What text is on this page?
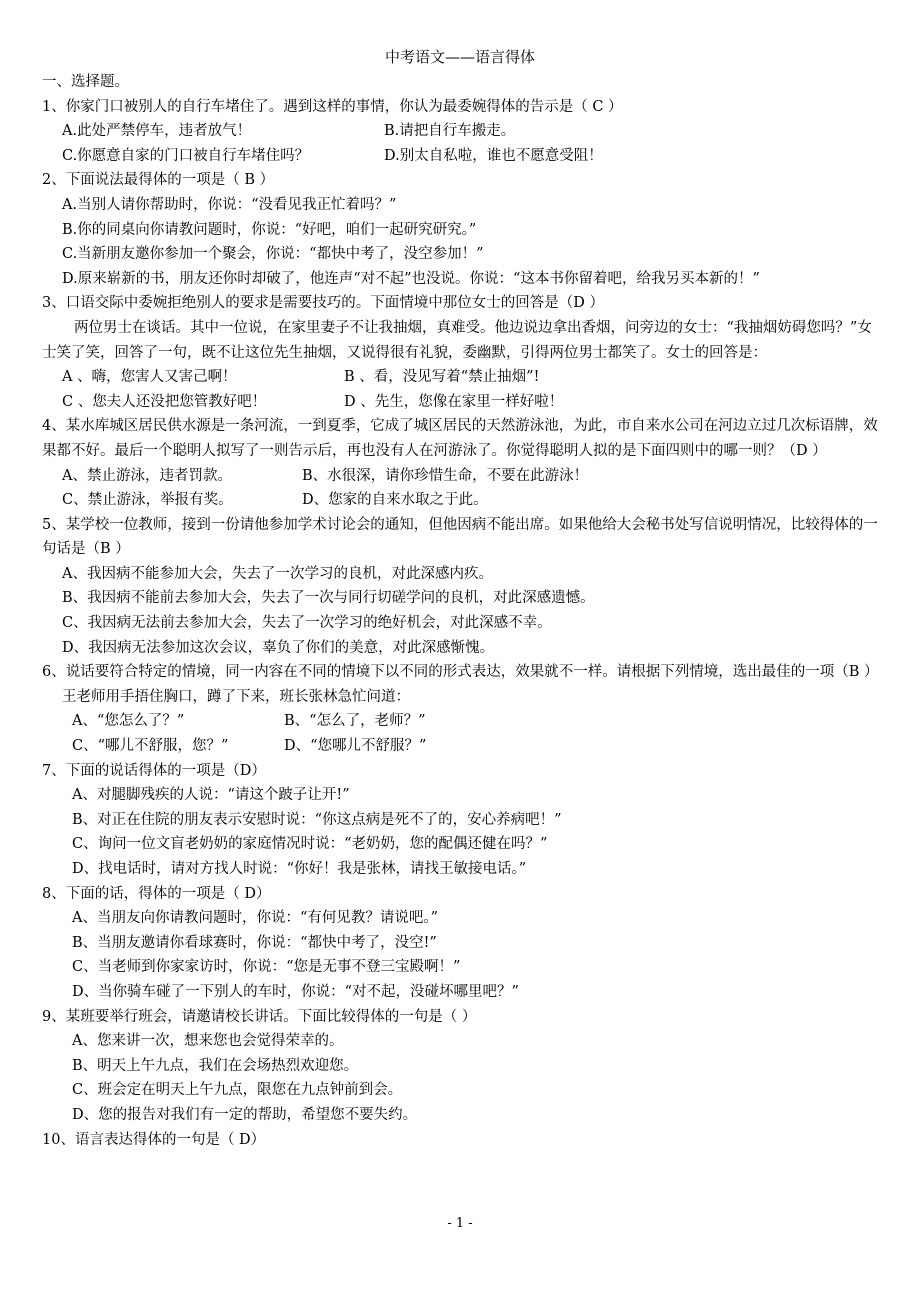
中考语文——语言得体
一、选择题。
1、你家门口被别人的自行车堵住了。遇到这样的事情，你认为最委婉得体的告示是（ C ）
A.此处严禁停车，违者放气！	B.请把自行车搬走。
C.你愿意自家的门口被自行车堵住吗？	D.别太自私啦，谁也不愿意受阻！
2、下面说法最得体的一项是（ B ）
A.当别人请你帮助时，你说：“没看见我正忙着吗？”
B.你的同桌向你请教问题时，你说：“好吧，咱们一起研究研究。”
C.当新朋友邀你参加一个聚会，你说：“都快中考了，没空参加！”
D.原来崭新的书，朋友还你时却破了，他连声“对不起”也没说。你说：“这本书你留着吧，给我另买本新的！”
3、口语交际中委婉拒绝别人的要求是需要技巧的。下面情境中那位女士的回答是（D ）
两位男士在谈话。其中一位说，在家里妻子不让我抽烟，真难受。他边说边拿出香烟，问旁边的女士：“我抽烟妨碍您吗？”女士笑了笑，回答了一句，既不让这位先生抽烟，又说得很有礼貌，委幽默，引得两位男士都笑了。女士的回答是：
A 、嗨，您害人又害己啊！	B 、看，没见写着“禁止抽烟”!
C 、您夫人还没把您管教好吧！	D 、先生，您像在家里一样好啦！
4、某水库城区居民供水源是一条河流，一到夏季，它成了城区居民的天然游泳池，为此，市自来水公司在河边立过几次标语牌，效果都不好。最后一个聪明人拟写了一则告示后，再也没有人在河游泳了。你觉得聪明人拟的是下面四则中的哪一则？（D ）
A、禁止游泳，违者罚款。	B、水很深，请你珍惜生命，不要在此游泳！
C、禁止游泳，举报有奖。	D、您家的自来水取之于此。
5、某学校一位教师，接到一份请他参加学术讨论会的通知，但他因病不能出席。如果他给大会秘书处写信说明情况，比较得体的一句话是（B ）
A、我因病不能参加大会，失去了一次学习的良机，对此深感内疚。
B、我因病不能前去参加大会，失去了一次与同行切磋学问的良机，对此深感遗憾。
C、我因病无法前去参加大会，失去了一次学习的绝好机会，对此深感不幸。
D、我因病无法参加这次会议，辜负了你们的美意，对此深感惭愧。
6、说话要符合特定的情境，同一内容在不同的情境下以不同的形式表达，效果就不一样。请根据下列情境，选出最佳的一项（B ）
王老师用手捂住胸口，蹲了下来，班长张林急忙问道：
A、“您怎么了？”	B、“怎么了，老师？”
C、“哪儿不舒服，您？”	D、“您哪儿不舒服？”
7、下面的说话得体的一项是（D）
A、对腿脚残疾的人说：“请这个跛子让开!”
B、对正在住院的朋友表示安慰时说：“你这点病是死不了的，安心养病吧！”
C、询问一位文盲老奶奶的家庭情况时说：“老奶奶，您的配偶还健在吗？”
D、找电话时，请对方找人时说：“你好！我是张林，请找王敏接电话。”
8、下面的话，得体的一项是（ D）
A、当朋友向你请教问题时，你说：“有何见教？请说吧。”
B、当朋友邀请你看球赛时，你说：“都快中考了，没空!”
C、当老师到你家家访时，你说：“您是无事不登三宝殿啊！”
D、当你骑车碰了一下别人的车时，你说：“对不起，没碰坏哪里吧？”
9、某班要举行班会，请邀请校长讲话。下面比较得体的一句是（ ）
A、您来讲一次，想来您也会觉得荣幸的。
B、明天上午九点，我们在会场热烈欢迎您。
C、班会定在明天上午九点，限您在九点钟前到会。
D、您的报告对我们有一定的帮助，希望您不要失约。
10、语言表达得体的一句是（ D）
- 1 -
